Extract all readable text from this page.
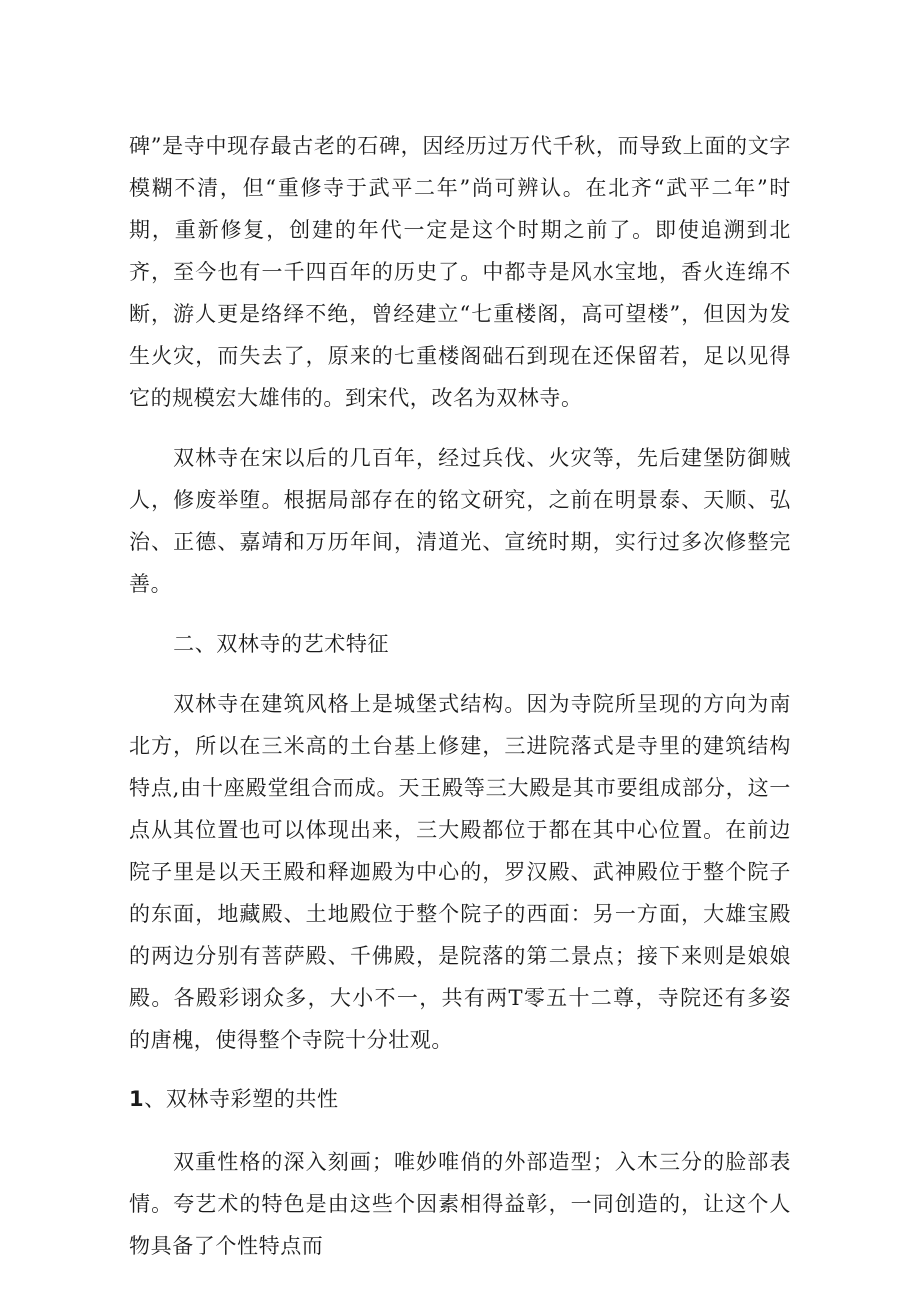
碑”是寺中现存最古老的石碑，因经历过万代千秋，而导致上面的文字模糊不清，但“重修寺于武平二年”尚可辨认。在北齐“武平二年”时期，重新修复，创建的年代一定是这个时期之前了。即使追溯到北齐，至今也有一千四百年的历史了。中都寺是风水宝地，香火连绵不断，游人更是络绎不绝，曾经建立“七重楼阁，高可望楼”，但因为发生火灾，而失去了，原来的七重楼阁础石到现在还保留若，足以见得它的规模宏大雄伟的。到宋代，改名为双林寺。

双林寺在宋以后的几百年，经过兵伐、火灾等，先后建堡防御贼人，修废举堕。根据局部存在的铭文研究，之前在明景泰、天顺、弘治、正德、嘉靖和万历年间，清道光、宣统时期，实行过多次修整完善。

二、双林寺的艺术特征

双林寺在建筑风格上是城堡式结构。因为寺院所呈现的方向为南北方，所以在三米高的土台基上修建，三进院落式是寺里的建筑结构特点,由十座殿堂组合而成。天王殿等三大殿是其市要组成部分，这一点从其位置也可以体现出来，三大殿都位于都在其中心位置。在前边院子里是以天王殿和释迦殿为中心的，罗汉殿、武神殿位于整个院子的东面，地藏殿、土地殿位于整个院子的西面：另一方面，大雄宝殿的两边分别有菩萨殿、千佛殿，是院落的第二景点；接下来则是娘娘殿。各殿彩诩众多，大小不一，共有两T零五十二尊，寺院还有多姿的唐槐，使得整个寺院十分壮观。

1、双林寺彩塑的共性

双重性格的深入刻画；唯妙唯俏的外部造型；入木三分的脸部表情。夸艺术的特色是由这些个因素相得益彰，一同创造的，让这个人物具备了个性特点而
